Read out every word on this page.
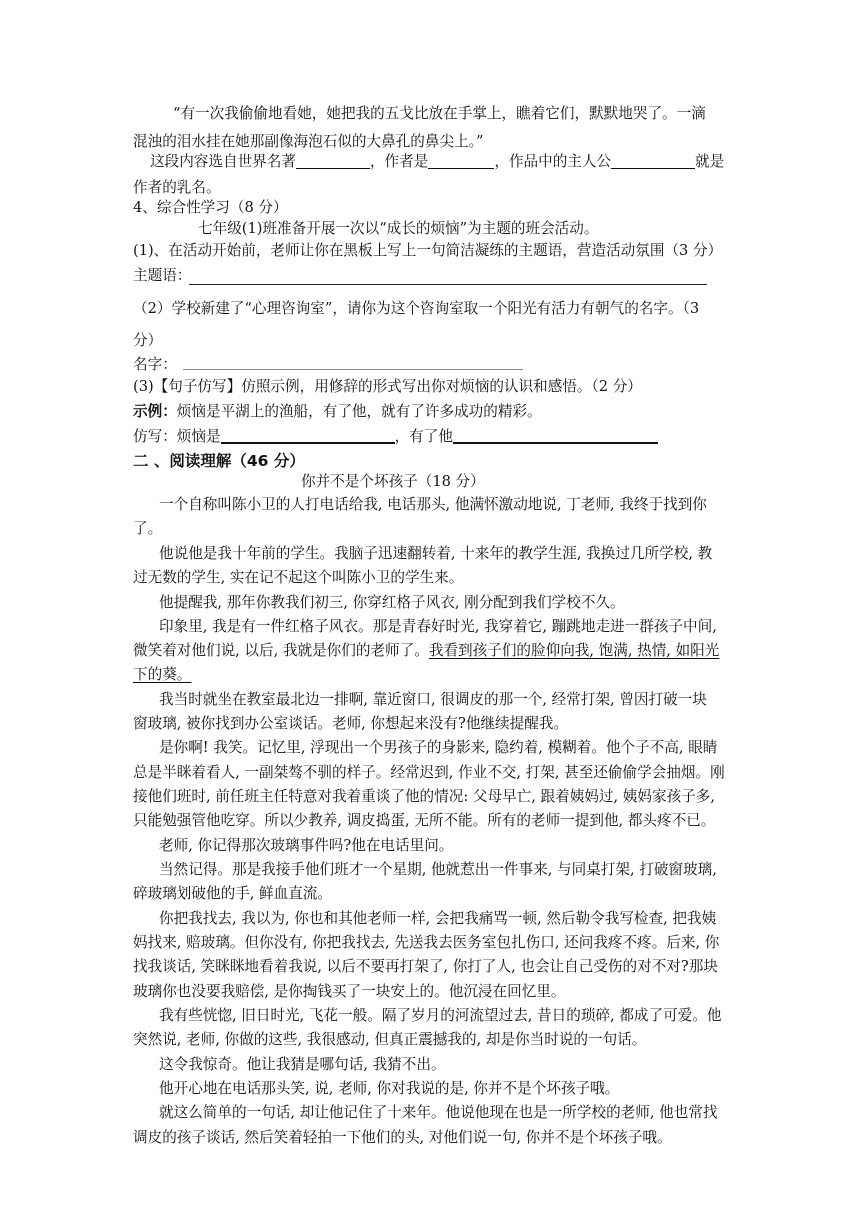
“有一次我偷偷地看她，她把我的五戈比放在手掌上，瞧着它们，默默地哭了。一滴
混浊的泪水挂在她那副像海泡石似的大鼻孔的鼻尖上。”
这段内容选自世界名著	，作者是	，作品中的主人公	就是
作者的乳名。
4、综合性学习（8 分）
七年级(1)班准备开展一次以“成长的烦恼”为主题的班会活动。
(1)、在活动开始前，老师让你在黑板上写上一句简洁凝练的主题语，营造活动氛围（3 分）
主题语：
（2）学校新建了“心理咨询室”，请你为这个咨询室取一个阳光有活力有朝气的名字。（3
分）
名字：
(3)【句子仿写】仿照示例，用修辞的形式写出你对烦恼的认识和感悟。（2 分）
示例：烦恼是平湖上的渔船，有了他，就有了许多成功的精彩。
仿写：烦恼是	，有了他
二 、阅读理解（46 分）
你并不是个坏孩子（18 分）
一个自称叫陈小卫的人打电话给我, 电话那头, 他满怀激动地说, 丁老师, 我终于找到你
了。
他说他是我十年前的学生。我脑子迅速翻转着, 十来年的教学生涯, 我换过几所学校, 教
过无数的学生, 实在记不起这个叫陈小卫的学生来。
他提醒我, 那年你教我们初三, 你穿红格子风衣, 刚分配到我们学校不久。
印象里, 我是有一件红格子风衣。那是青春好时光, 我穿着它, 蹦跳地走进一群孩子中间,
微笑着对他们说, 以后, 我就是你们的老师了。我看到孩子们的脸仰向我, 饱满, 热情, 如阳光
下的葵。
我当时就坐在教室最北边一排啊, 靠近窗口, 很调皮的那一个, 经常打架, 曾因打破一块
窗玻璃, 被你找到办公室谈话。老师, 你想起来没有?他继续提醒我。
是你啊! 我笑。记忆里, 浮现出一个男孩子的身影来, 隐约着, 模糊着。他个子不高, 眼睛
总是半眯着看人, 一副桀骜不驯的样子。经常迟到, 作业不交, 打架, 甚至还偷偷学会抽烟。刚
接他们班时, 前任班主任特意对我着重谈了他的情况: 父母早亡, 跟着姨妈过, 姨妈家孩子多,
只能勉强管他吃穿。所以少教养, 调皮捣蛋, 无所不能。所有的老师一提到他, 都头疼不已。
老师, 你记得那次玻璃事件吗?他在电话里问。
当然记得。那是我接手他们班才一个星期, 他就惹出一件事来, 与同桌打架, 打破窗玻璃,
碎玻璃划破他的手, 鲜血直流。
你把我找去, 我以为, 你也和其他老师一样, 会把我痛骂一顿, 然后勒令我写检查, 把我姨
妈找来, 赔玻璃。但你没有, 你把我找去, 先送我去医务室包扎伤口, 还问我疼不疼。后来, 你
找我谈话, 笑眯眯地看着我说, 以后不要再打架了, 你打了人, 也会让自己受伤的对不对?那块
玻璃你也没要我赔偿, 是你掏钱买了一块安上的。他沉浸在回忆里。
我有些恍惚, 旧日时光, 飞花一般。隔了岁月的河流望过去, 昔日的琐碎, 都成了可爱。他
突然说, 老师, 你做的这些, 我很感动, 但真正震撼我的, 却是你当时说的一句话。
这令我惊奇。他让我猜是哪句话, 我猜不出。
他开心地在电话那头笑, 说, 老师, 你对我说的是, 你并不是个坏孩子哦。
就这么简单的一句话, 却让他记住了十来年。他说他现在也是一所学校的老师, 他也常找
调皮的孩子谈话, 然后笑着轻拍一下他们的头, 对他们说一句, 你并不是个坏孩子哦。
